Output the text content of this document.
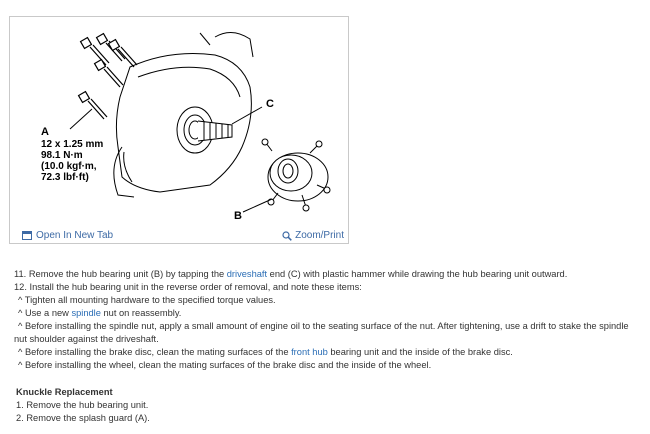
C
B
A
12 x 1.25 mm
98.1 N·m
(10.0 kgf·m,
72.3 lbf·ft)
Open In New Tab	Zoom/Print

11. Remove the hub bearing unit (B) by tapping the driveshaft end (C) with plastic hammer while drawing the hub bearing unit outward.

12. Install the hub bearing unit in the reverse order of removal, and note these items:

^ Tighten all mounting hardware to the specified torque values.

^ Use a new spindle nut on reassembly.

^ Before installing the spindle nut, apply a small amount of engine oil to the seating surface of the nut. After tightening, use a drift to stake the spindle

nut shoulder against the driveshaft.

^ Before installing the brake disc, clean the mating surfaces of the front hub bearing unit and the inside of the brake disc.

^ Before installing the wheel, clean the mating surfaces of the brake disc and the inside of the wheel.

Knuckle Replacement

1. Remove the hub bearing unit.

2. Remove the splash guard (A).
